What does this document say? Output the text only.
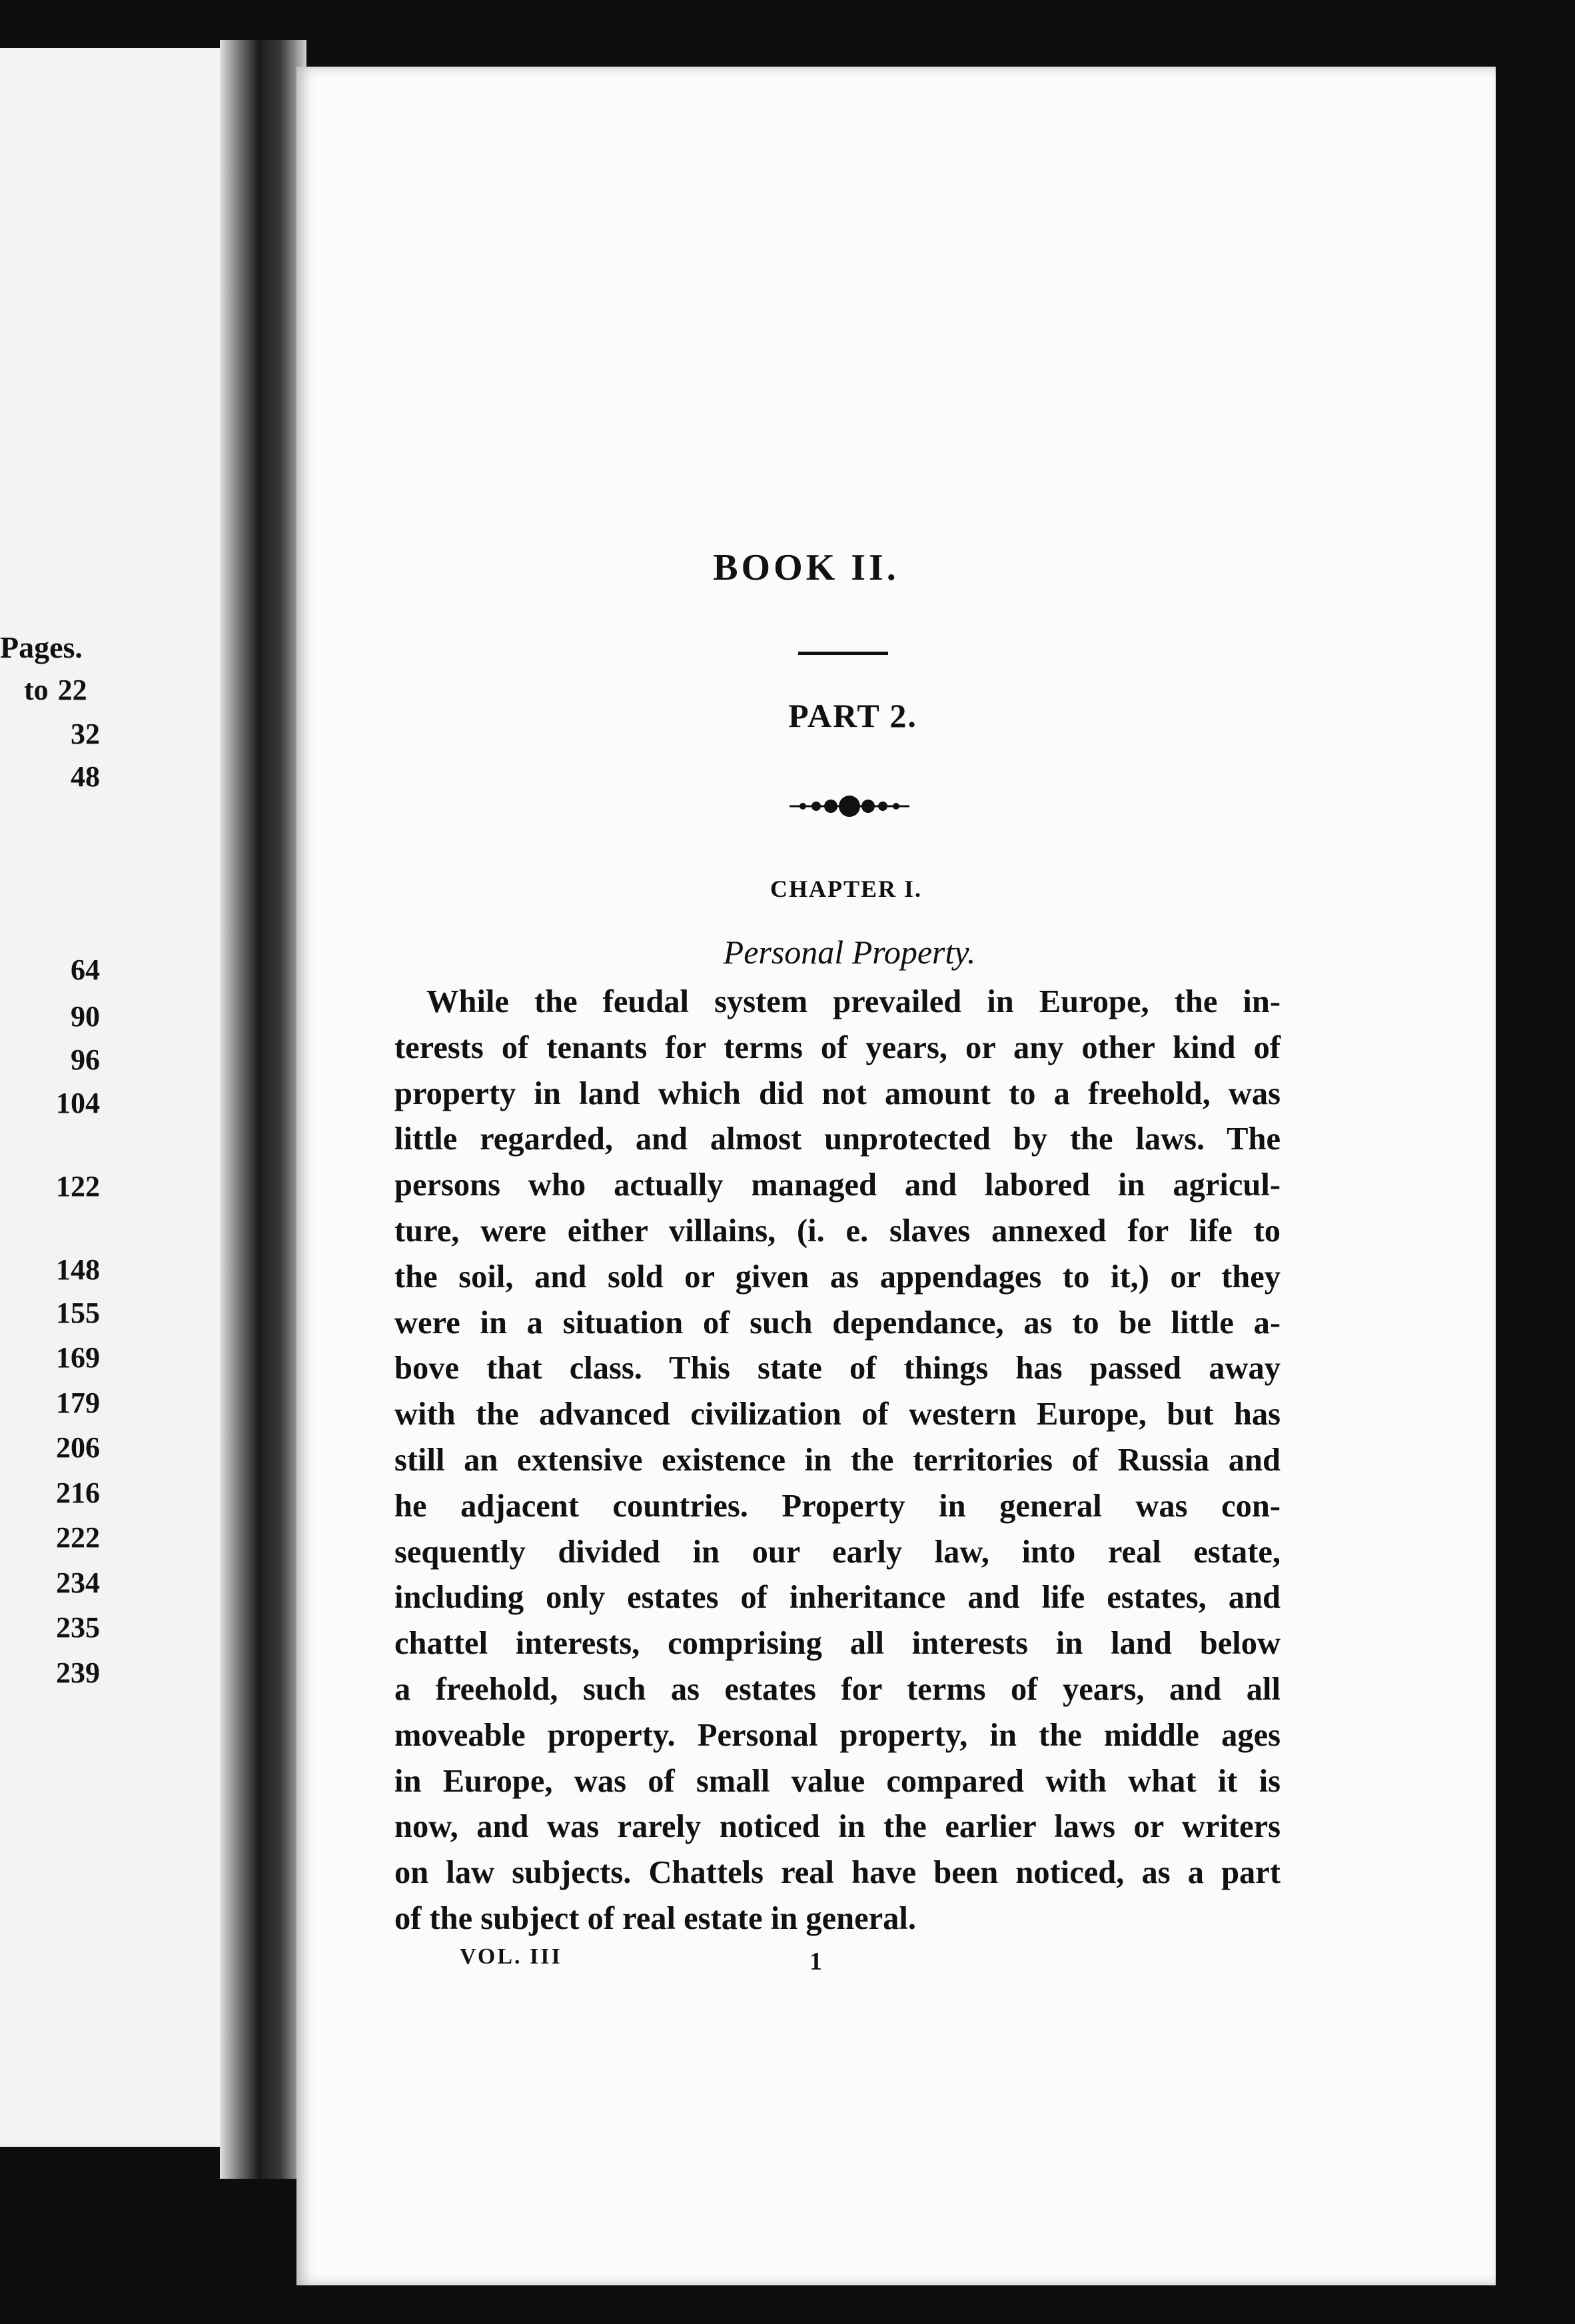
Pages.
to 22
32
48
64
90
96
104
122
148
155
169
179
206
216
222
234
235
239
BOOK II.
PART 2.
CHAPTER I.
Personal Property.
While the feudal system prevailed in Europe, the in-
terests of tenants for terms of years, or any other kind of
property in land which did not amount to a freehold, was
little regarded, and almost unprotected by the laws. The
persons who actually managed and labored in agricul-
ture, were either villains, (i. e. slaves annexed for life to
the soil, and sold or given as appendages to it,) or they
were in a situation of such dependance, as to be little a-
bove that class. This state of things has passed away
with the advanced civilization of western Europe, but has
still an extensive existence in the territories of Russia and
he adjacent countries. Property in general was con-
sequently divided in our early law, into real estate,
including only estates of inheritance and life estates, and
chattel interests, comprising all interests in land below
a freehold, such as estates for terms of years, and all
moveable property. Personal property, in the middle ages
in Europe, was of small value compared with what it is
now, and was rarely noticed in the earlier laws or writers
on law subjects. Chattels real have been noticed, as a part
of the subject of real estate in general.
VOL. III	1
